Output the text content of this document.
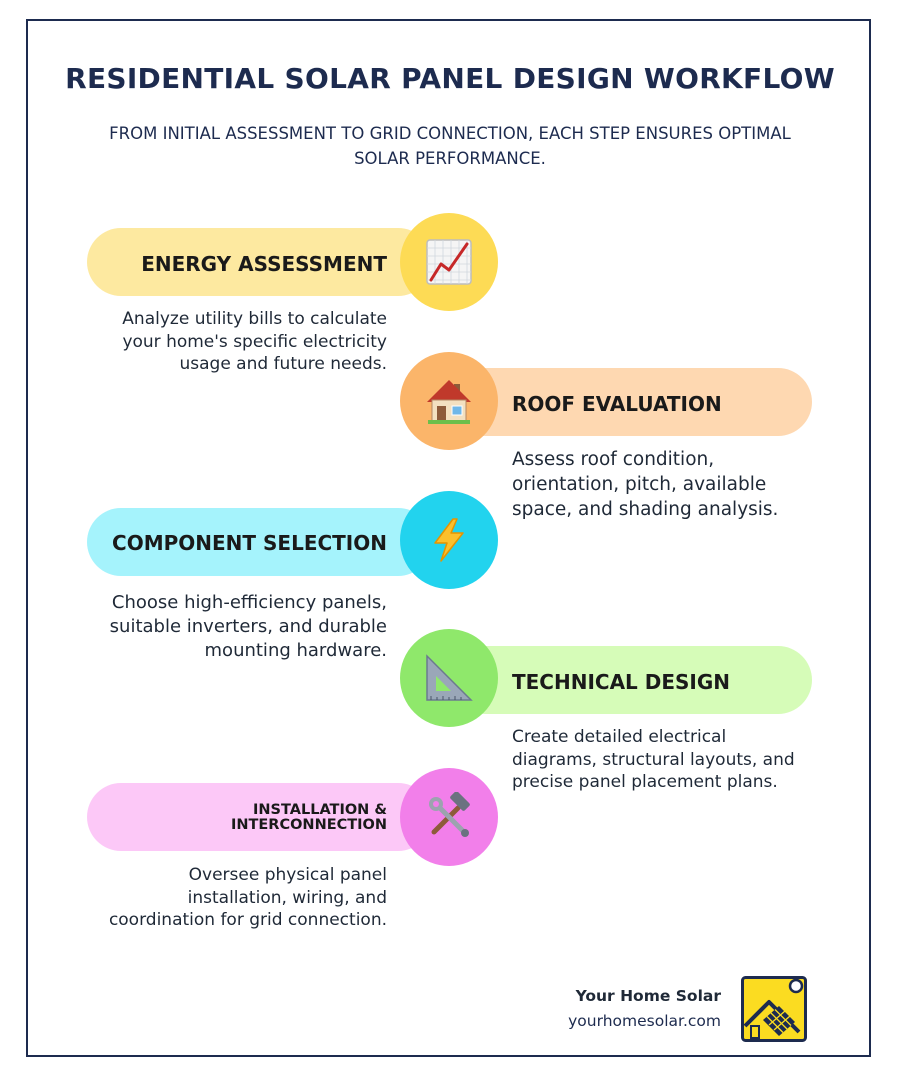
RESIDENTIAL SOLAR PANEL DESIGN WORKFLOW
FROM INITIAL ASSESSMENT TO GRID CONNECTION, EACH STEP ENSURES OPTIMAL SOLAR PERFORMANCE.
ENERGY ASSESSMENT
Analyze utility bills to calculate your home's specific electricity usage and future needs.
ROOF EVALUATION
Assess roof condition, orientation, pitch, available space, and shading analysis.
COMPONENT SELECTION
Choose high-efficiency panels, suitable inverters, and durable mounting hardware.
TECHNICAL DESIGN
Create detailed electrical diagrams, structural layouts, and precise panel placement plans.
INSTALLATION & INTERCONNECTION
Oversee physical panel installation, wiring, and coordination for grid connection.
Your Home Solar
yourhomesolar.com
